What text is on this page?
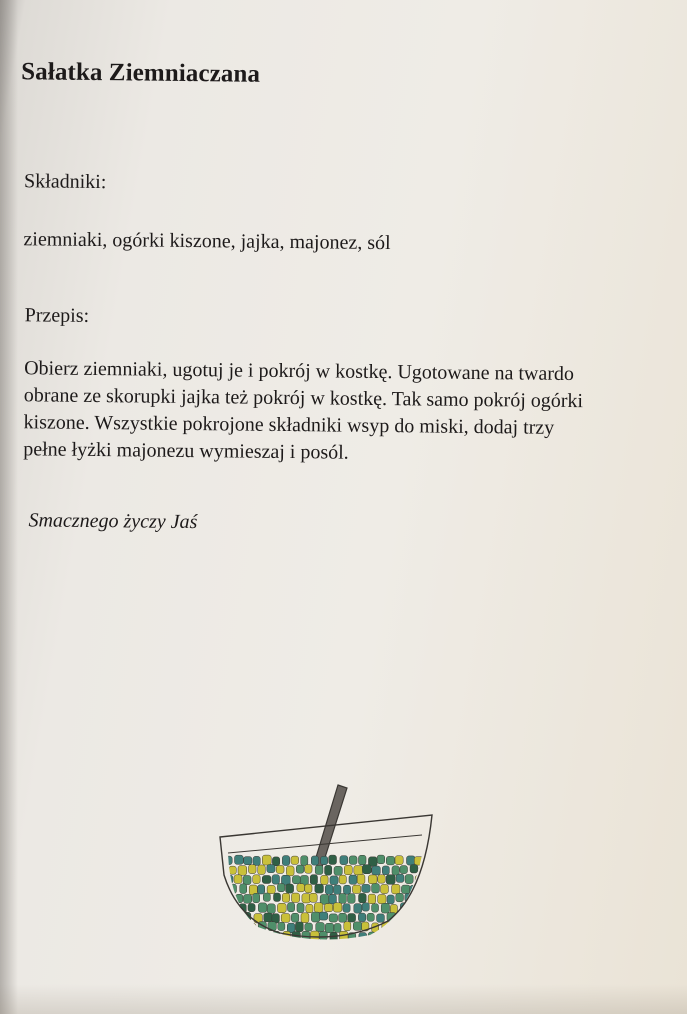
Sałatka Ziemniaczana

Składniki:

ziemniaki, ogórki kiszone, jajka, majonez, sól

Przepis:

Obierz ziemniaki, ugotuj je i pokrój w kostkę. Ugotowane na twardo
obrane ze skorupki jajka też pokrój w kostkę. Tak samo pokrój ogórki
kiszone. Wszystkie pokrojone składniki wsyp do miski, dodaj trzy
pełne łyżki majonezu wymieszaj i posól.

Smacznego życzy Jaś
